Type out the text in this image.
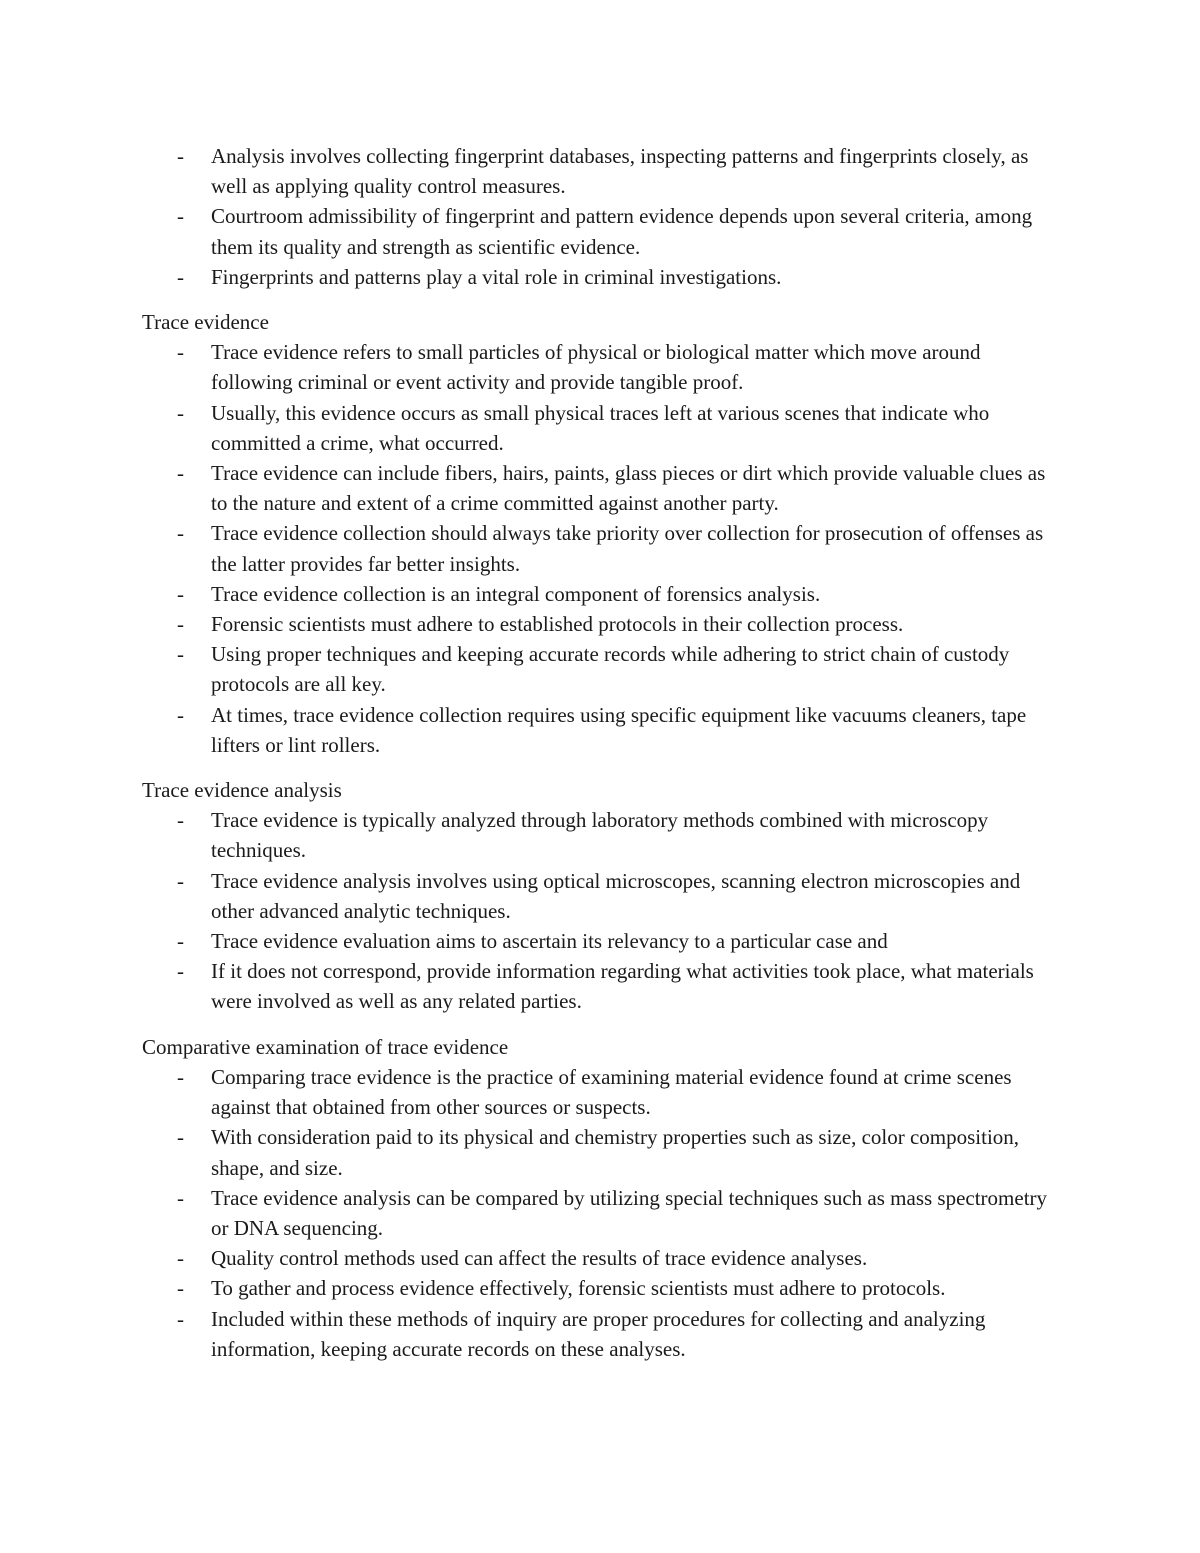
- Analysis involves collecting fingerprint databases, inspecting patterns and fingerprints closely, as well as applying quality control measures.
- Courtroom admissibility of fingerprint and pattern evidence depends upon several criteria, among them its quality and strength as scientific evidence.
- Fingerprints and patterns play a vital role in criminal investigations.

Trace evidence

- Trace evidence refers to small particles of physical or biological matter which move around following criminal or event activity and provide tangible proof.
- Usually, this evidence occurs as small physical traces left at various scenes that indicate who committed a crime, what occurred.
- Trace evidence can include fibers, hairs, paints, glass pieces or dirt which provide valuable clues as to the nature and extent of a crime committed against another party.
- Trace evidence collection should always take priority over collection for prosecution of offenses as the latter provides far better insights.
- Trace evidence collection is an integral component of forensics analysis.
- Forensic scientists must adhere to established protocols in their collection process.
- Using proper techniques and keeping accurate records while adhering to strict chain of custody protocols are all key.
- At times, trace evidence collection requires using specific equipment like vacuums cleaners, tape lifters or lint rollers.

Trace evidence analysis

- Trace evidence is typically analyzed through laboratory methods combined with microscopy techniques.
- Trace evidence analysis involves using optical microscopes, scanning electron microscopies and other advanced analytic techniques.
- Trace evidence evaluation aims to ascertain its relevancy to a particular case and
- If it does not correspond, provide information regarding what activities took place, what materials were involved as well as any related parties.

Comparative examination of trace evidence

- Comparing trace evidence is the practice of examining material evidence found at crime scenes against that obtained from other sources or suspects.
- With consideration paid to its physical and chemistry properties such as size, color composition, shape, and size.
- Trace evidence analysis can be compared by utilizing special techniques such as mass spectrometry or DNA sequencing.
- Quality control methods used can affect the results of trace evidence analyses.
- To gather and process evidence effectively, forensic scientists must adhere to protocols.
- Included within these methods of inquiry are proper procedures for collecting and analyzing information, keeping accurate records on these analyses.
